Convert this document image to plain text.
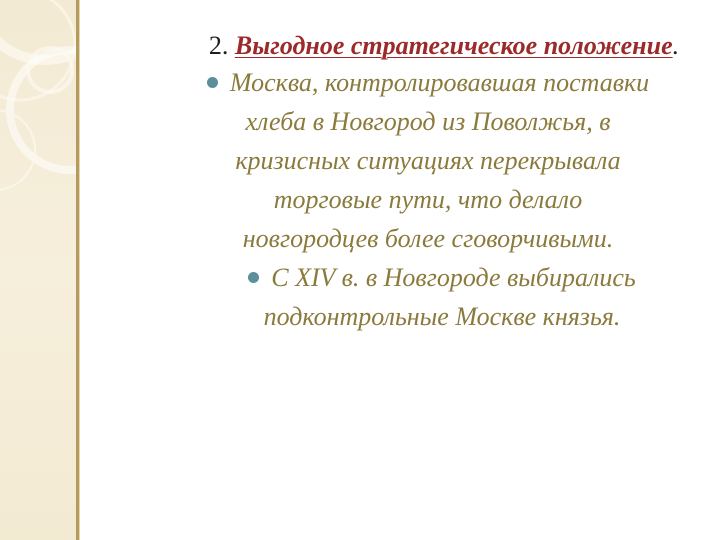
2. Выгодное стратегическое положение.
Москва, контролировавшая поставки
хлеба в Новгород из Поволжья, в
кризисных ситуациях перекрывала
торговые пути, что делало
новгородцев более сговорчивыми.
С XIV в. в Новгороде выбирались
подконтрольные Москве князья.
